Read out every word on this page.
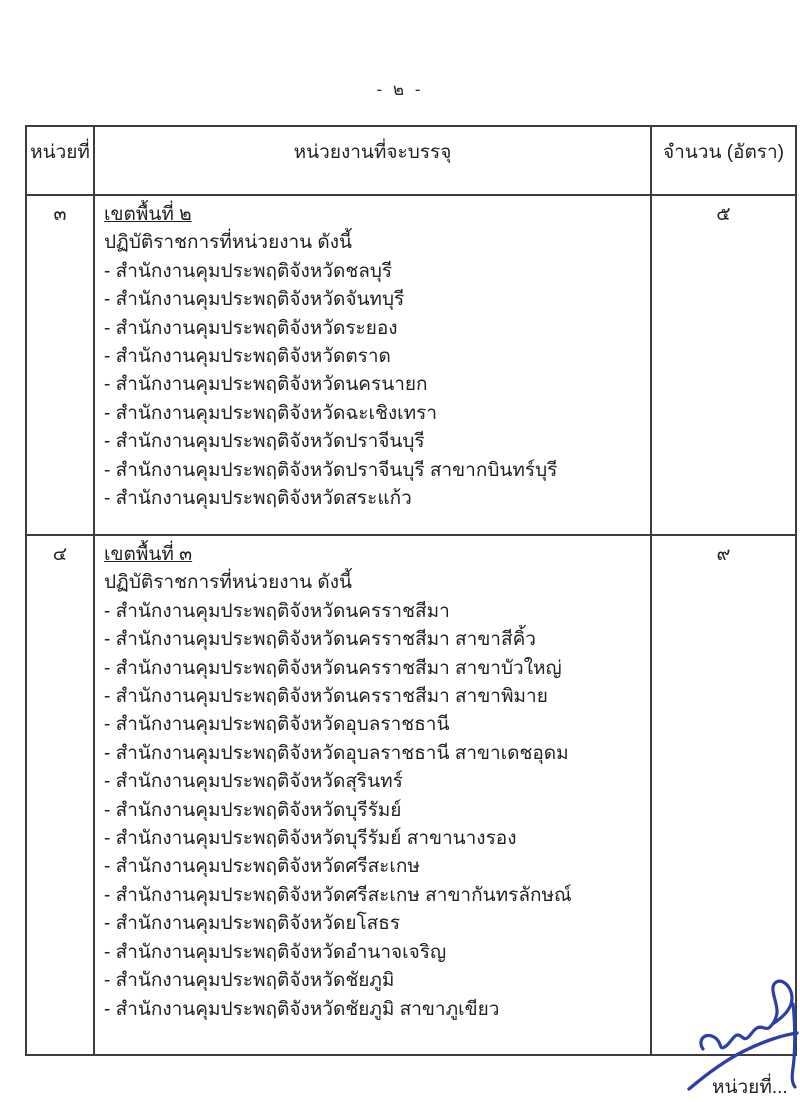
- ๒ -
หน่วยที่	หน่วยงานที่จะบรรจุ	จำนวน (อัตรา)
๓	เขตพื้นที่ ๒
ปฏิบัติราชการที่หน่วยงาน ดังนี้
- สำนักงานคุมประพฤติจังหวัดชลบุรี
- สำนักงานคุมประพฤติจังหวัดจันทบุรี
- สำนักงานคุมประพฤติจังหวัดระยอง
- สำนักงานคุมประพฤติจังหวัดตราด
- สำนักงานคุมประพฤติจังหวัดนครนายก
- สำนักงานคุมประพฤติจังหวัดฉะเชิงเทรา
- สำนักงานคุมประพฤติจังหวัดปราจีนบุรี
- สำนักงานคุมประพฤติจังหวัดปราจีนบุรี สาขากบินทร์บุรี
- สำนักงานคุมประพฤติจังหวัดสระแก้ว
	๕
๔	เขตพื้นที่ ๓
ปฏิบัติราชการที่หน่วยงาน ดังนี้
- สำนักงานคุมประพฤติจังหวัดนครราชสีมา
- สำนักงานคุมประพฤติจังหวัดนครราชสีมา สาขาสีคิ้ว
- สำนักงานคุมประพฤติจังหวัดนครราชสีมา สาขาบัวใหญ่
- สำนักงานคุมประพฤติจังหวัดนครราชสีมา สาขาพิมาย
- สำนักงานคุมประพฤติจังหวัดอุบลราชธานี
- สำนักงานคุมประพฤติจังหวัดอุบลราชธานี สาขาเดชอุดม
- สำนักงานคุมประพฤติจังหวัดสุรินทร์
- สำนักงานคุมประพฤติจังหวัดบุรีรัมย์
- สำนักงานคุมประพฤติจังหวัดบุรีรัมย์ สาขานางรอง
- สำนักงานคุมประพฤติจังหวัดศรีสะเกษ
- สำนักงานคุมประพฤติจังหวัดศรีสะเกษ สาขากันทรลักษณ์
- สำนักงานคุมประพฤติจังหวัดยโสธร
- สำนักงานคุมประพฤติจังหวัดอำนาจเจริญ
- สำนักงานคุมประพฤติจังหวัดชัยภูมิ
- สำนักงานคุมประพฤติจังหวัดชัยภูมิ สาขาภูเขียว
	๙
หน่วยที่...
